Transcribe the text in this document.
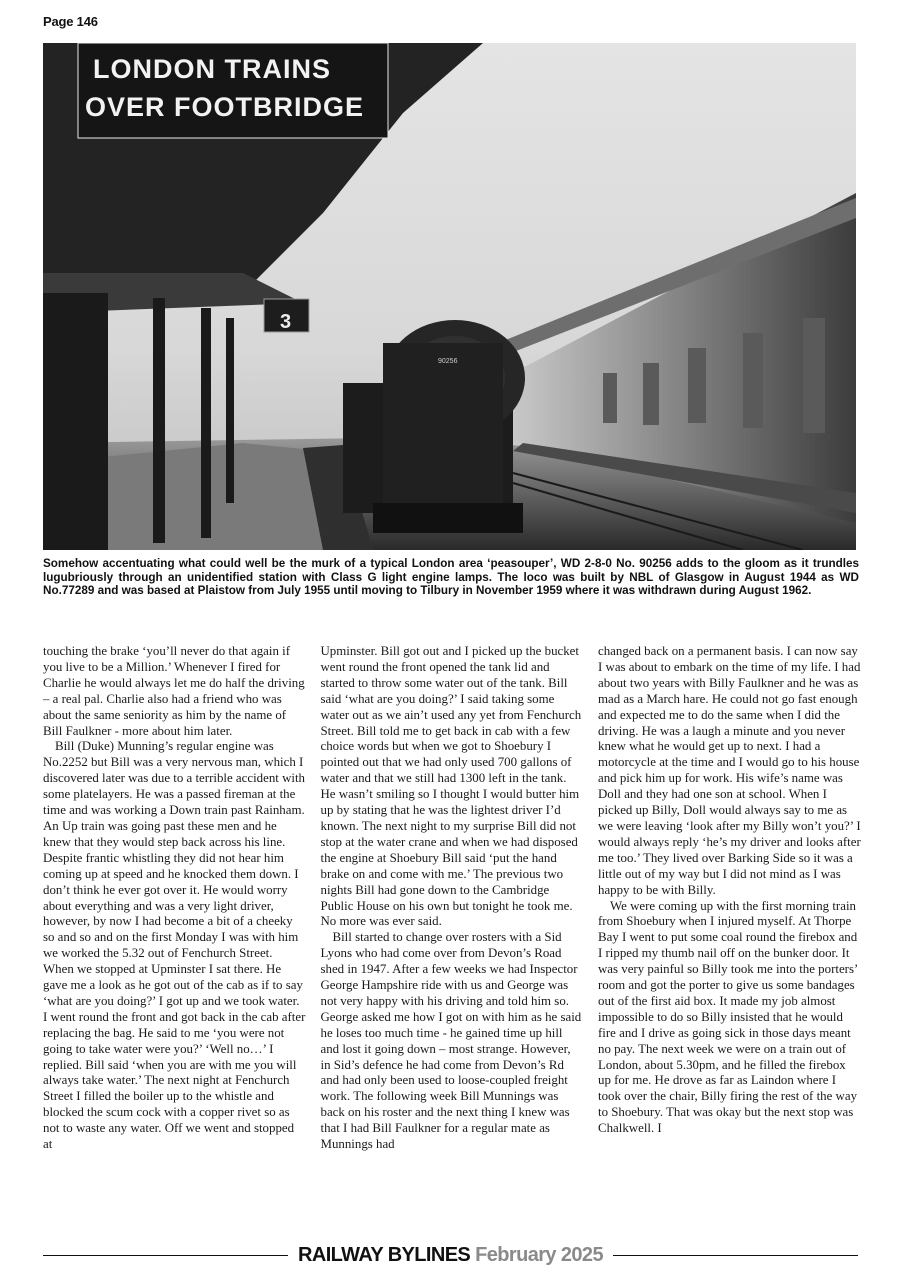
Page 146
90256
LONDON TRAINS
OVER FOOTBRIDGE
3

Somehow accentuating what could well be the murk of a typical London area ‘peasouper’, WD 2-8-0 No. 90256 adds to the gloom as it trundles lugubriously through an unidentified station with Class G light engine lamps. The loco was built by NBL of Glasgow in August 1944 as WD No.77289 and was based at Plaistow from July 1955 until moving to Tilbury in November 1959 where it was withdrawn during August 1962.

touching the brake ‘you’ll never do that again if you live to be a Million.’ Whenever I fired for Charlie he would always let me do half the driving – a real pal. Charlie also had a friend who was about the same seniority as him by the name of Bill Faulkner - more about him later.

Bill (Duke) Munning’s regular engine was No.2252 but Bill was a very nervous man, which I discovered later was due to a terrible accident with some platelayers. He was a passed fireman at the time and was working a Down train past Rainham. An Up train was going past these men and he knew that they would step back across his line. Despite frantic whistling they did not hear him coming up at speed and he knocked them down. I don’t think he ever got over it. He would worry about everything and was a very light driver, however, by now I had become a bit of a cheeky so and so and on the first Monday I was with him we worked the 5.32 out of Fenchurch Street. When we stopped at Upminster I sat there. He gave me a look as he got out of the cab as if to say ‘what are you doing?’ I got up and we took water. I went round the front and got back in the cab after replacing the bag. He said to me ‘you were not going to take water were you?’ ‘Well no…’ I replied. Bill said ‘when you are with me you will always take water.’ The next night at Fenchurch Street I filled the boiler up to the whistle and blocked the scum cock with a copper rivet so as not to waste any water. Off we went and stopped at

Upminster. Bill got out and I picked up the bucket went round the front opened the tank lid and started to throw some water out of the tank. Bill said ‘what are you doing?’ I said taking some water out as we ain’t used any yet from Fenchurch Street. Bill told me to get back in cab with a few choice words but when we got to Shoebury I pointed out that we had only used 700 gallons of water and that we still had 1300 left in the tank. He wasn’t smiling so I thought I would butter him up by stating that he was the lightest driver I’d known. The next night to my surprise Bill did not stop at the water crane and when we had disposed the engine at Shoebury Bill said ‘put the hand brake on and come with me.’ The previous two nights Bill had gone down to the Cambridge Public House on his own but tonight he took me. No more was ever said.

Bill started to change over rosters with a Sid Lyons who had come over from Devon’s Road shed in 1947. After a few weeks we had Inspector George Hampshire ride with us and George was not very happy with his driving and told him so. George asked me how I got on with him as he said he loses too much time - he gained time up hill and lost it going down – most strange. However, in Sid’s defence he had come from Devon’s Rd and had only been used to loose-coupled freight work. The following week Bill Munnings was back on his roster and the next thing I knew was that I had Bill Faulkner for a regular mate as Munnings had

changed back on a permanent basis. I can now say I was about to embark on the time of my life. I had about two years with Billy Faulkner and he was as mad as a March hare. He could not go fast enough and expected me to do the same when I did the driving. He was a laugh a minute and you never knew what he would get up to next. I had a motorcycle at the time and I would go to his house and pick him up for work. His wife’s name was Doll and they had one son at school. When I picked up Billy, Doll would always say to me as we were leaving ‘look after my Billy won’t you?’ I would always reply ‘he’s my driver and looks after me too.’ They lived over Barking Side so it was a little out of my way but I did not mind as I was happy to be with Billy.

We were coming up with the first morning train from Shoebury when I injured myself. At Thorpe Bay I went to put some coal round the firebox and I ripped my thumb nail off on the bunker door. It was very painful so Billy took me into the porters’ room and got the porter to give us some bandages out of the first aid box. It made my job almost impossible to do so Billy insisted that he would fire and I drive as going sick in those days meant no pay. The next week we were on a train out of London, about 5.30pm, and he filled the firebox up for me. He drove as far as Laindon where I took over the chair, Billy firing the rest of the way to Shoebury. That was okay but the next stop was Chalkwell. I

RAILWAY BYLINES February 2025
